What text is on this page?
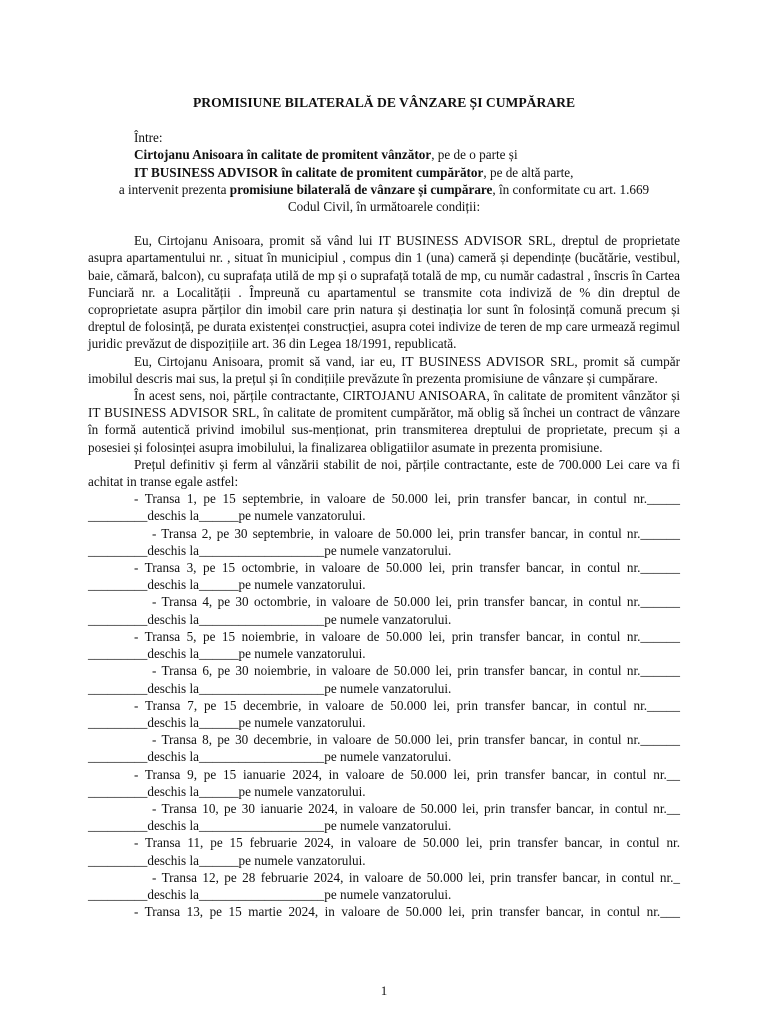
PROMISIUNE BILATERALĂ DE VÂNZARE ȘI CUMPĂRARE
Între:
Cirtojanu Anisoara în calitate de promitent vânzător, pe de o parte și
IT BUSINESS ADVISOR în calitate de promitent cumpărător, pe de altă parte,
a intervenit prezenta promisiune bilaterală de vânzare și cumpărare, în conformitate cu art. 1.669
Codul Civil, în următoarele condiții:

Eu, Cirtojanu Anisoara, promit să vând lui IT BUSINESS ADVISOR SRL, dreptul de proprietate asupra apartamentului nr. , situat în municipiul , compus din 1 (una) cameră și dependințe (bucătărie, vestibul, baie, cămară, balcon), cu suprafața utilă de mp și o suprafață totală de mp, cu număr cadastral , înscris în Cartea Funciară nr. a Localității . Împreună cu apartamentul se transmite cota indiviză de % din dreptul de coproprietate asupra părților din imobil care prin natura și destinația lor sunt în folosință comună precum și dreptul de folosință, pe durata existenței construcției, asupra cotei indivize de teren de mp care urmează regimul juridic prevăzut de dispozițiile art. 36 din Legea 18/1991, republicată.

Eu, Cirtojanu Anisoara, promit să vand, iar eu, IT BUSINESS ADVISOR SRL, promit să cumpăr imobilul descris mai sus, la prețul și în condițiile prevăzute în prezenta promisiune de vânzare și cumpărare.

În acest sens, noi, părțile contractante, CIRTOJANU ANISOARA, în calitate de promitent vânzător și IT BUSINESS ADVISOR SRL, în calitate de promitent cumpărător, mă oblig să închei un contract de vânzare în formă autentică privind imobilul sus-menționat, prin transmiterea dreptului de proprietate, precum și a posesiei și folosinței asupra imobilului, la finalizarea obligatiilor asumate in prezenta promisiune.

Prețul definitiv și ferm al vânzării stabilit de noi, părțile contractante, este de 700.000 Lei care va fi achitat in transe egale astfel:

- Transa 1, pe 15 septembrie, in valoare de 50.000 lei, prin transfer bancar, in contul nr._____
_________deschis la______pe numele vanzatorului.
- Transa 2, pe 30 septembrie, in valoare de 50.000 lei, prin transfer bancar, in contul nr.______
_________deschis la___________________pe numele vanzatorului.
- Transa 3, pe 15 octombrie, in valoare de 50.000 lei, prin transfer bancar, in contul nr.______
_________deschis la______pe numele vanzatorului.
- Transa 4, pe 30 octombrie, in valoare de 50.000 lei, prin transfer bancar, in contul nr.______
_________deschis la___________________pe numele vanzatorului.
- Transa 5, pe 15 noiembrie, in valoare de 50.000 lei, prin transfer bancar, in contul nr.______
_________deschis la______pe numele vanzatorului.
- Transa 6, pe 30 noiembrie, in valoare de 50.000 lei, prin transfer bancar, in contul nr.______
_________deschis la___________________pe numele vanzatorului.
- Transa 7, pe 15 decembrie, in valoare de 50.000 lei, prin transfer bancar, in contul nr._____
_________deschis la______pe numele vanzatorului.
- Transa 8, pe 30 decembrie, in valoare de 50.000 lei, prin transfer bancar, in contul nr.______
_________deschis la___________________pe numele vanzatorului.
- Transa 9, pe 15 ianuarie 2024, in valoare de 50.000 lei, prin transfer bancar, in contul nr.__
_________deschis la______pe numele vanzatorului.
- Transa 10, pe 30 ianuarie 2024, in valoare de 50.000 lei, prin transfer bancar, in contul nr.__
_________deschis la___________________pe numele vanzatorului.
- Transa 11, pe 15 februarie 2024, in valoare de 50.000 lei, prin transfer bancar, in contul nr.
_________deschis la______pe numele vanzatorului.
- Transa 12, pe 28 februarie 2024, in valoare de 50.000 lei, prin transfer bancar, in contul nr._
_________deschis la___________________pe numele vanzatorului.
- Transa 13, pe 15 martie 2024, in valoare de 50.000 lei, prin transfer bancar, in contul nr.___
1
